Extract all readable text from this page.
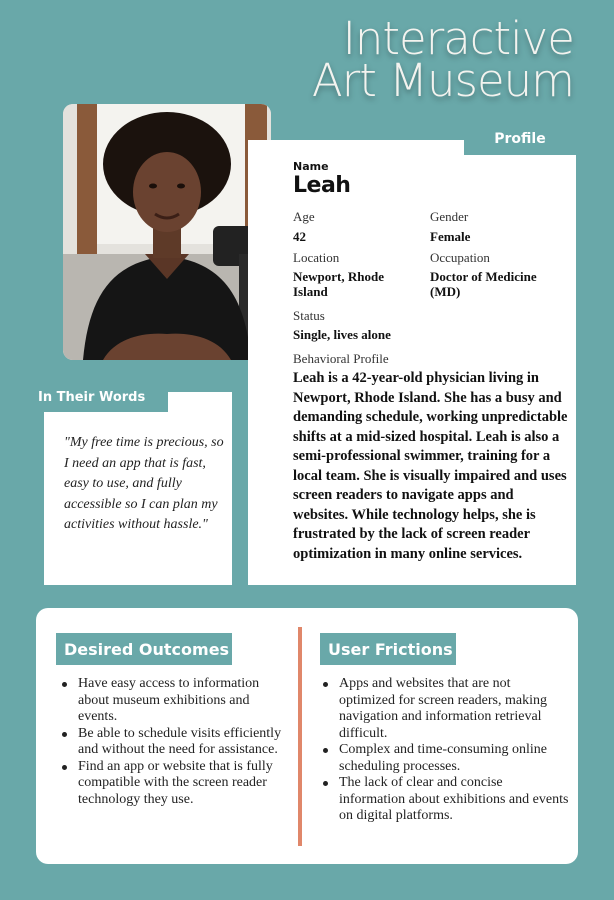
Interactive
Art Museum
Profile
Name
Leah
Age
42
Gender
Female
Location
Newport, Rhode Island
Occupation
Doctor of Medicine (MD)
Status
Single, lives alone
Behavioral Profile
Leah is a 42-year-old physician living in Newport, Rhode Island. She has a busy and demanding schedule, working unpredictable shifts at a mid-sized hospital. Leah is also a semi-professional swimmer, training for a local team. She is visually impaired and uses screen readers to navigate apps and websites. While technology helps, she is frustrated by the lack of screen reader optimization in many online services.
In Their Words
"My free time is precious, so I need an app that is fast, easy to use, and fully accessible so I can plan my activities without hassle."
Desired Outcomes
Have easy access to information about museum exhibitions and events.
Be able to schedule visits efficiently and without the need for assistance.
Find an app or website that is fully compatible with the screen reader technology they use.
User Frictions
Apps and websites that are not optimized for screen readers, making navigation and information retrieval difficult.
Complex and time-consuming online scheduling processes.
The lack of clear and concise information about exhibitions and events on digital platforms.
